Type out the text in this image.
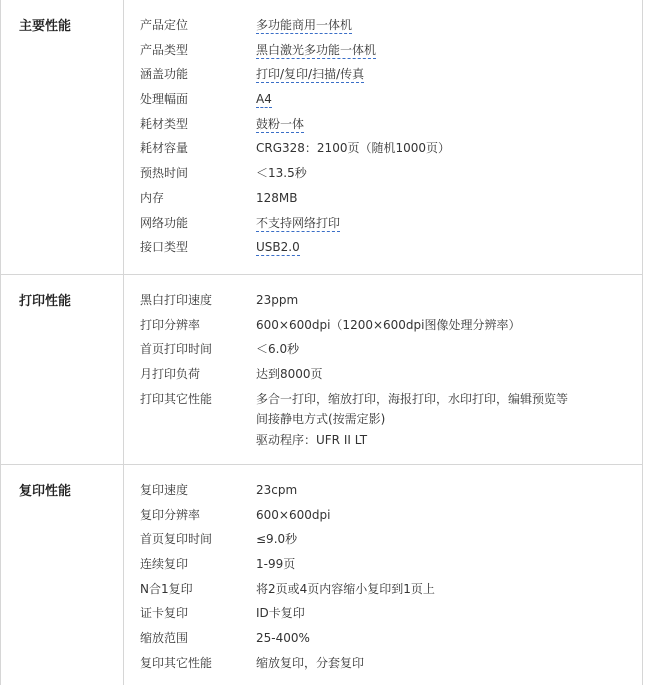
主要性能	产品定位	多功能商用一体机
产品类型	黑白激光多功能一体机
涵盖功能	打印/复印/扫描/传真
处理幅面	A4
耗材类型	鼓粉一体
耗材容量	CRG328：2100页（随机1000页）
预热时间	＜13.5秒
内存	128MB
网络功能	不支持网络打印
接口类型	USB2.0
打印性能	黑白打印速度	23ppm
打印分辨率	600×600dpi（1200×600dpi图像处理分辨率）
首页打印时间	＜6.0秒
月打印负荷	达到8000页
打印其它性能	多合一打印，缩放打印，海报打印，水印打印，编辑预览等
间接静电方式(按需定影)
驱动程序：UFR II LT
复印性能	复印速度	23cpm
复印分辨率	600×600dpi
首页复印时间	≤9.0秒
连续复印	1-99页
N合1复印	将2页或4页内容缩小复印到1页上
证卡复印	ID卡复印
缩放范围	25-400%
复印其它性能	缩放复印，分套复印
